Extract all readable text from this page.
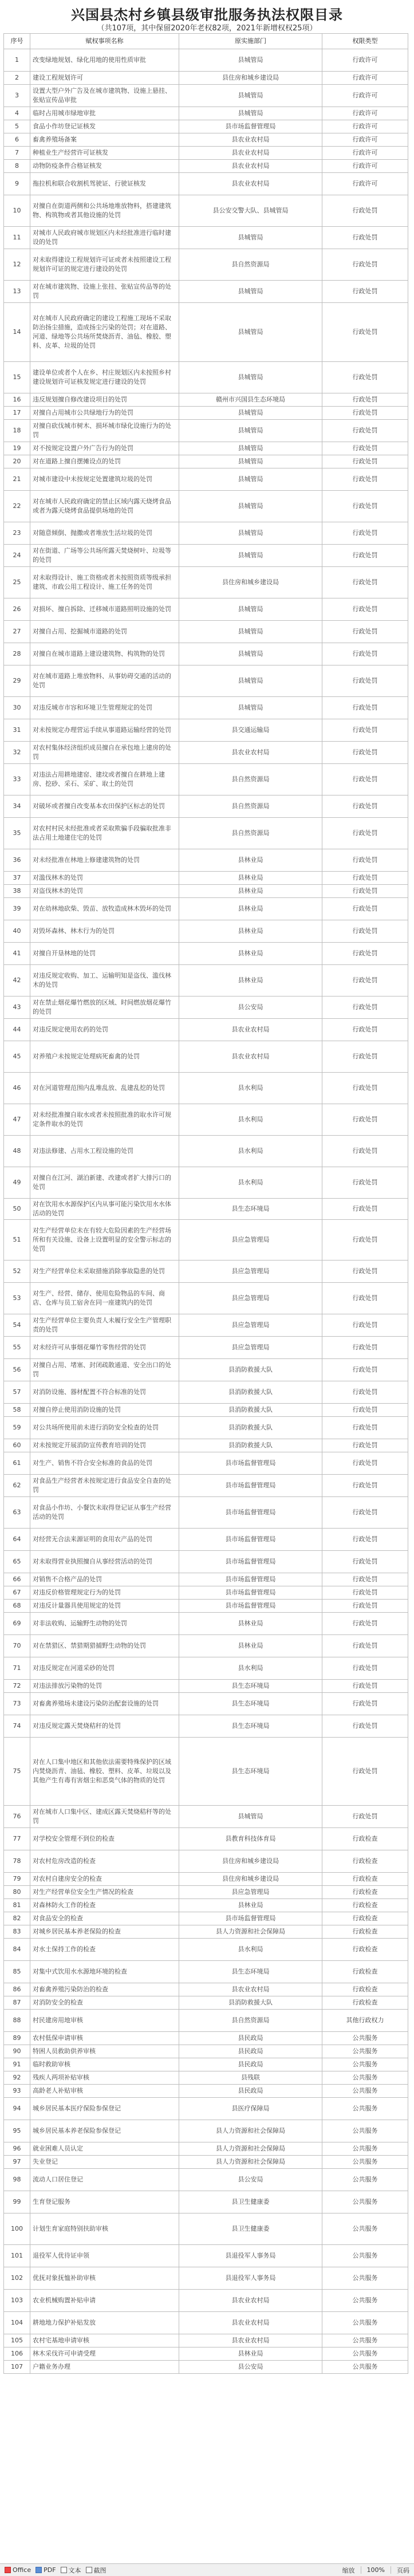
兴国县杰村乡镇县级审批服务执法权限目录
（共107项，其中保留2020年老权82项，2021年新增权权25项）
序号	赋权事项名称	原实施部门	权限类型
1	改变绿地规划、绿化用地的使用性质审批	县城管局	行政许可
2	建设工程规划许可	县住房和城乡建设局	行政许可
3	设置大型户外广告及在城市建筑物、设施上悬挂、张贴宣传品审批	县城管局	行政许可
4	临时占用城市绿地审批	县城管局	行政许可
5	食品小作坊登记证核发	县市场监督管理局	行政许可
6	畜禽养殖场备案	县农业农村局	行政许可
7	种植业生产经营许可证核发	县农业农村局	行政许可
8	动物防疫条件合格证核发	县农业农村局	行政许可
9	拖拉机和联合收割机驾驶证、行驶证核发	县农业农村局	行政许可
10	对擅自在街道两侧和公共场地堆放物料，搭建建筑物、构筑物或者其他设施的处罚	县公安交警大队、县城管局	行政处罚
11	对城市人民政府城市规划区内未经批准进行临时建设的处罚	县城管局	行政处罚
12	对未取得建设工程规划许可证或者未按照建设工程规划许可证的规定进行建设的处罚	县自然资源局	行政处罚
13	对在城市建筑物、设施上张挂、张贴宣传品等的处罚	县城管局	行政处罚
14	对在城市人民政府确定的建设工程施工现场不采取防治扬尘措施，造成扬尘污染的处罚；对在道路、河道、绿地等公共场所焚烧沥青、油毡、橡胶、塑料、皮革、垃圾的处罚	县城管局	行政处罚
15	建设单位或者个人在乡、村庄规划区内未按照乡村建设规划许可证核发规定进行建设的处罚	县城管局	行政处罚
16	违反规划擅自修改建设项目的处罚	赣州市兴国县生态环境局	行政处罚
17	对擅自占用城市公共绿地行为的处罚	县城管局	行政处罚
18	对擅自砍伐城市树木、损坏城市绿化设施行为的处罚	县城管局	行政处罚
19	对不按规定设置户外广告行为的处罚	县城管局	行政处罚
20	对在道路上擅自摆摊设点的处罚	县城管局	行政处罚
21	对城市建设中未按规定处置建筑垃圾的处罚	县城管局	行政处罚
22	对在城市人民政府确定的禁止区域内露天烧烤食品或者为露天烧烤食品提供场地的处罚	县城管局	行政处罚
23	对随意倾倒、抛撒或者堆放生活垃圾的处罚	县城管局	行政处罚
24	对在街道、广场等公共场所露天焚烧树叶、垃圾等的处罚	县城管局	行政处罚
25	对未取得设计、施工资格或者未按照资质等级承担建筑、市政公用工程设计、施工任务的处罚	县住房和城乡建设局	行政处罚
26	对损坏、擅自拆除、迁移城市道路照明设施的处罚	县城管局	行政处罚
27	对擅自占用、挖掘城市道路的处罚	县城管局	行政处罚
28	对擅自在城市道路上建设建筑物、构筑物的处罚	县城管局	行政处罚
29	对在城市道路上堆放物料、从事妨碍交通的活动的处罚	县城管局	行政处罚
30	对违反城市市容和环境卫生管理规定的处罚	县城管局	行政处罚
31	对未按规定办理营运手续从事道路运输经营的处罚	县交通运输局	行政处罚
32	对农村集体经济组织成员擅自在承包地上建房的处罚	县农业农村局	行政处罚
33	对违法占用耕地建窑、建坟或者擅自在耕地上建房、挖砂、采石、采矿、取土的处罚	县自然资源局	行政处罚
34	对破坏或者擅自改变基本农田保护区标志的处罚	县自然资源局	行政处罚
35	对农村村民未经批准或者采取欺骗手段骗取批准非法占用土地建住宅的处罚	县自然资源局	行政处罚
36	对未经批准在林地上修建建筑物的处罚	县林业局	行政处罚
37	对滥伐林木的处罚	县林业局	行政处罚
38	对盗伐林木的处罚	县林业局	行政处罚
39	对在幼林地砍柴、毁苗、放牧造成林木毁坏的处罚	县林业局	行政处罚
40	对毁坏森林、林木行为的处罚	县林业局	行政处罚
41	对擅自开垦林地的处罚	县林业局	行政处罚
42	对违反规定收购、加工、运输明知是盗伐、滥伐林木的处罚	县林业局	行政处罚
43	对在禁止烟花爆竹燃放的区域、时间燃放烟花爆竹的处罚	县公安局	行政处罚
44	对违反规定使用农药的处罚	县农业农村局	行政处罚
45	对养殖户未按规定处理病死畜禽的处罚	县农业农村局	行政处罚
46	对在河道管理范围内乱堆乱放、乱建乱挖的处罚	县水利局	行政处罚
47	对未经批准擅自取水或者未按照批准的取水许可规定条件取水的处罚	县水利局	行政处罚
48	对违法修建、占用水工程设施的处罚	县水利局	行政处罚
49	对擅自在江河、湖泊新建、改建或者扩大排污口的处罚	县水利局	行政处罚
50	对在饮用水水源保护区内从事可能污染饮用水水体活动的处罚	县生态环境局	行政处罚
51	对生产经营单位未在有较大危险因素的生产经营场所和有关设施、设备上设置明显的安全警示标志的处罚	县应急管理局	行政处罚
52	对生产经营单位未采取措施消除事故隐患的处罚	县应急管理局	行政处罚
53	对生产、经营、储存、使用危险物品的车间、商店、仓库与员工宿舍在同一座建筑内的处罚	县应急管理局	行政处罚
54	对生产经营单位主要负责人未履行安全生产管理职责的处罚	县应急管理局	行政处罚
55	对未经许可从事烟花爆竹零售经营的处罚	县应急管理局	行政处罚
56	对擅自占用、堵塞、封闭疏散通道、安全出口的处罚	县消防救援大队	行政处罚
57	对消防设施、器材配置不符合标准的处罚	县消防救援大队	行政处罚
58	对擅自停止使用消防设施的处罚	县消防救援大队	行政处罚
59	对公共场所使用前未进行消防安全检查的处罚	县消防救援大队	行政处罚
60	对未按规定开展消防宣传教育培训的处罚	县消防救援大队	行政处罚
61	对生产、销售不符合安全标准的食品的处罚	县市场监督管理局	行政处罚
62	对食品生产经营者未按规定进行食品安全自查的处罚	县市场监督管理局	行政处罚
63	对食品小作坊、小餐饮未取得登记证从事生产经营活动的处罚	县市场监督管理局	行政处罚
64	对经营无合法来源证明的食用农产品的处罚	县市场监督管理局	行政处罚
65	对未取得营业执照擅自从事经营活动的处罚	县市场监督管理局	行政处罚
66	对销售不合格产品的处罚	县市场监督管理局	行政处罚
67	对违反价格管理规定行为的处罚	县市场监督管理局	行政处罚
68	对违反计量器具使用规定的处罚	县市场监督管理局	行政处罚
69	对非法收购、运输野生动物的处罚	县林业局	行政处罚
70	对在禁猎区、禁猎期猎捕野生动物的处罚	县林业局	行政处罚
71	对违反规定在河道采砂的处罚	县水利局	行政处罚
72	对违法排放污染物的处罚	县生态环境局	行政处罚
73	对畜禽养殖场未建设污染防治配套设施的处罚	县生态环境局	行政处罚
74	对违反规定露天焚烧秸秆的处罚	县生态环境局	行政处罚
75	对在人口集中地区和其他依法需要特殊保护的区域内焚烧沥青、油毡、橡胶、塑料、皮革、垃圾以及其他产生有毒有害烟尘和恶臭气体的物质的处罚	县生态环境局	行政处罚
76	对在城市人口集中区、建成区露天焚烧秸秆等的处罚	县城管局	行政处罚
77	对学校安全管理不到位的检查	县教育科技体育局	行政检查
78	对农村危房改造的检查	县住房和城乡建设局	行政检查
79	对农村自建房安全的检查	县住房和城乡建设局	行政检查
80	对生产经营单位安全生产情况的检查	县应急管理局	行政检查
81	对森林防火工作的检查	县林业局	行政检查
82	对食品安全的检查	县市场监督管理局	行政检查
83	对城乡居民基本养老保险的检查	县人力资源和社会保障局	行政检查
84	对水土保持工作的检查	县水利局	行政检查
85	对集中式饮用水水源地环境的检查	县生态环境局	行政检查
86	对畜禽养殖污染防治的检查	县农业农村局	行政检查
87	对消防安全的检查	县消防救援大队	行政检查
88	村民建房用地审核	县自然资源局	其他行政权力
89	农村低保申请审核	县民政局	公共服务
90	特困人员救助供养审核	县民政局	公共服务
91	临时救助审核	县民政局	公共服务
92	残疾人两项补贴审核	县残联	公共服务
93	高龄老人补贴审核	县民政局	公共服务
94	城乡居民基本医疗保险参保登记	县医疗保障局	公共服务
95	城乡居民基本养老保险参保登记	县人力资源和社会保障局	公共服务
96	就业困难人员认定	县人力资源和社会保障局	公共服务
97	失业登记	县人力资源和社会保障局	公共服务
98	流动人口居住登记	县公安局	公共服务
99	生育登记服务	县卫生健康委	公共服务
100	计划生育家庭特别扶助审核	县卫生健康委	公共服务
101	退役军人优待证申领	县退役军人事务局	公共服务
102	优抚对象抚恤补助审核	县退役军人事务局	公共服务
103	农业机械购置补贴申请	县农业农村局	公共服务
104	耕地地力保护补贴发放	县农业农村局	公共服务
105	农村宅基地申请审核	县农业农村局	公共服务
106	林木采伐许可申请受理	县林业局	公共服务
107	户籍业务办理	县公安局	公共服务
Office PDF 文本 截图	缩放 100% 页码
